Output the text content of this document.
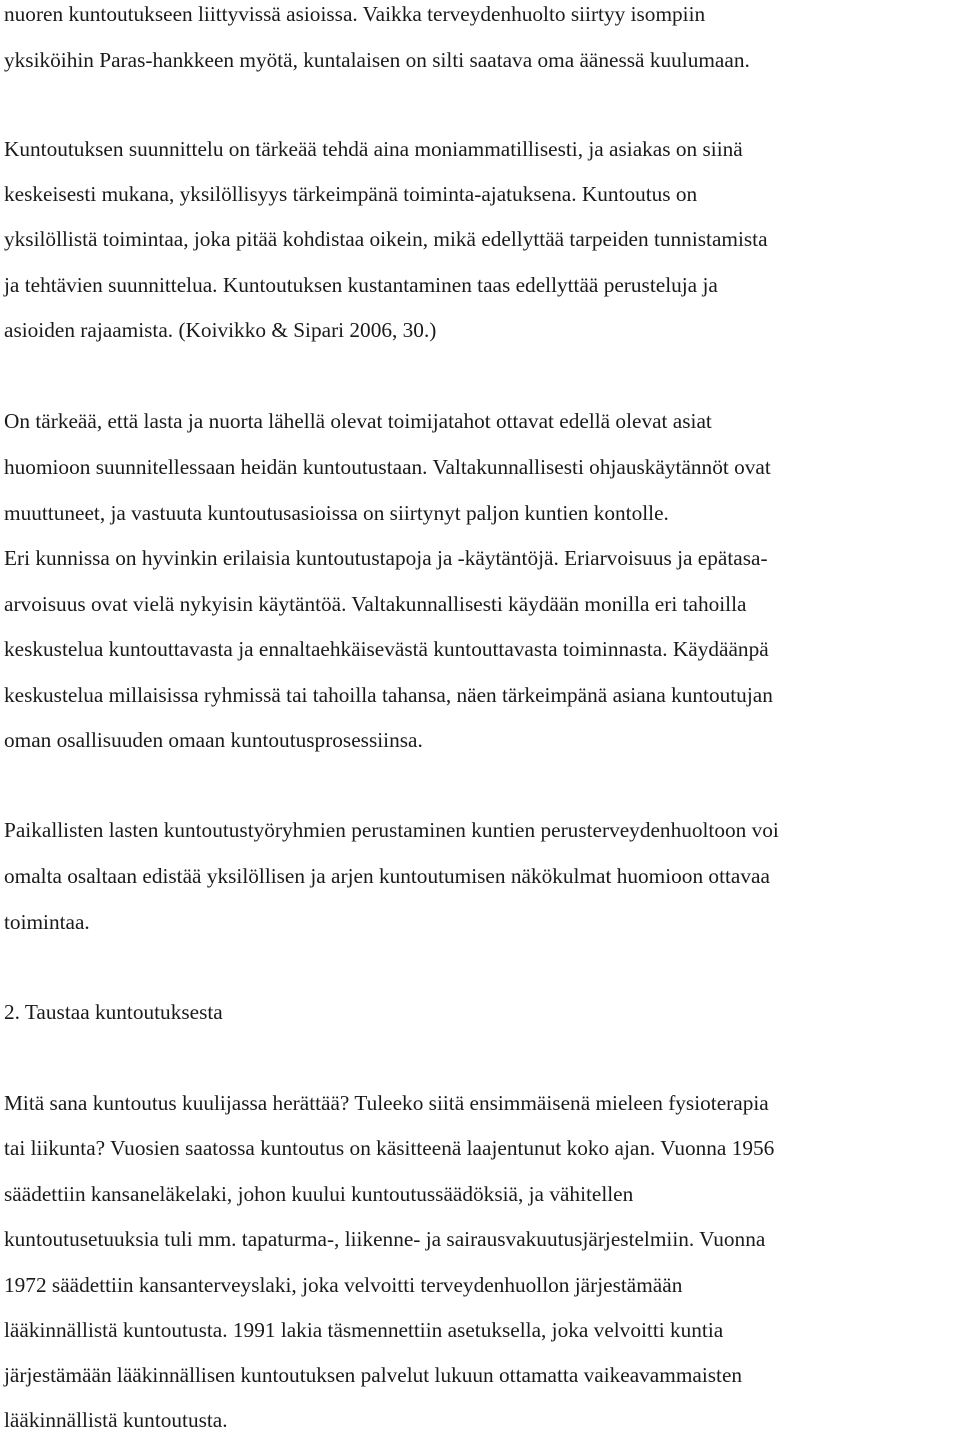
nuoren kuntoutukseen liittyvissä asioissa. Vaikka terveydenhuolto siirtyy isompiin
yksiköihin Paras-hankkeen myötä, kuntalaisen on silti saatava oma äänessä kuulumaan.
Kuntoutuksen suunnittelu on tärkeää tehdä aina moniammatillisesti, ja asiakas on siinä
keskeisesti mukana, yksilöllisyys tärkeimpänä toiminta-ajatuksena. Kuntoutus on
yksilöllistä toimintaa, joka pitää kohdistaa oikein, mikä edellyttää tarpeiden tunnistamista
ja tehtävien suunnittelua. Kuntoutuksen kustantaminen taas edellyttää perusteluja ja
asioiden rajaamista. (Koivikko & Sipari 2006, 30.)
On tärkeää, että lasta ja nuorta lähellä olevat toimijatahot ottavat edellä olevat asiat
huomioon suunnitellessaan heidän kuntoutustaan. Valtakunnallisesti ohjauskäytännöt ovat
muuttuneet, ja vastuuta kuntoutusasioissa on siirtynyt paljon kuntien kontolle.
Eri kunnissa on hyvinkin erilaisia kuntoutustapoja ja -käytäntöjä. Eriarvoisuus ja epätasa-
arvoisuus ovat vielä nykyisin käytäntöä. Valtakunnallisesti käydään monilla eri tahoilla
keskustelua kuntouttavasta ja ennaltaehkäisevästä kuntouttavasta toiminnasta. Käydäänpä
keskustelua millaisissa ryhmissä tai tahoilla tahansa, näen tärkeimpänä asiana kuntoutujan
oman osallisuuden omaan kuntoutusprosessiinsa.
Paikallisten lasten kuntoutustyöryhmien perustaminen kuntien perusterveydenhuoltoon voi
omalta osaltaan edistää yksilöllisen ja arjen kuntoutumisen näkökulmat huomioon ottavaa
toimintaa.
2. Taustaa kuntoutuksesta
Mitä sana kuntoutus kuulijassa herättää? Tuleeko siitä ensimmäisenä mieleen fysioterapia
tai liikunta? Vuosien saatossa kuntoutus on käsitteenä laajentunut koko ajan. Vuonna 1956
säädettiin kansaneläkelaki, johon kuului kuntoutussäädöksiä, ja vähitellen
kuntoutusetuuksia tuli mm. tapaturma-, liikenne- ja sairausvakuutusjärjestelmiin. Vuonna
1972 säädettiin kansanterveyslaki, joka velvoitti terveydenhuollon järjestämään
lääkinnällistä kuntoutusta. 1991 lakia täsmennettiin asetuksella, joka velvoitti kuntia
järjestämään lääkinnällisen kuntoutuksen palvelut lukuun ottamatta vaikeavammaisten
lääkinnällistä kuntoutusta.
